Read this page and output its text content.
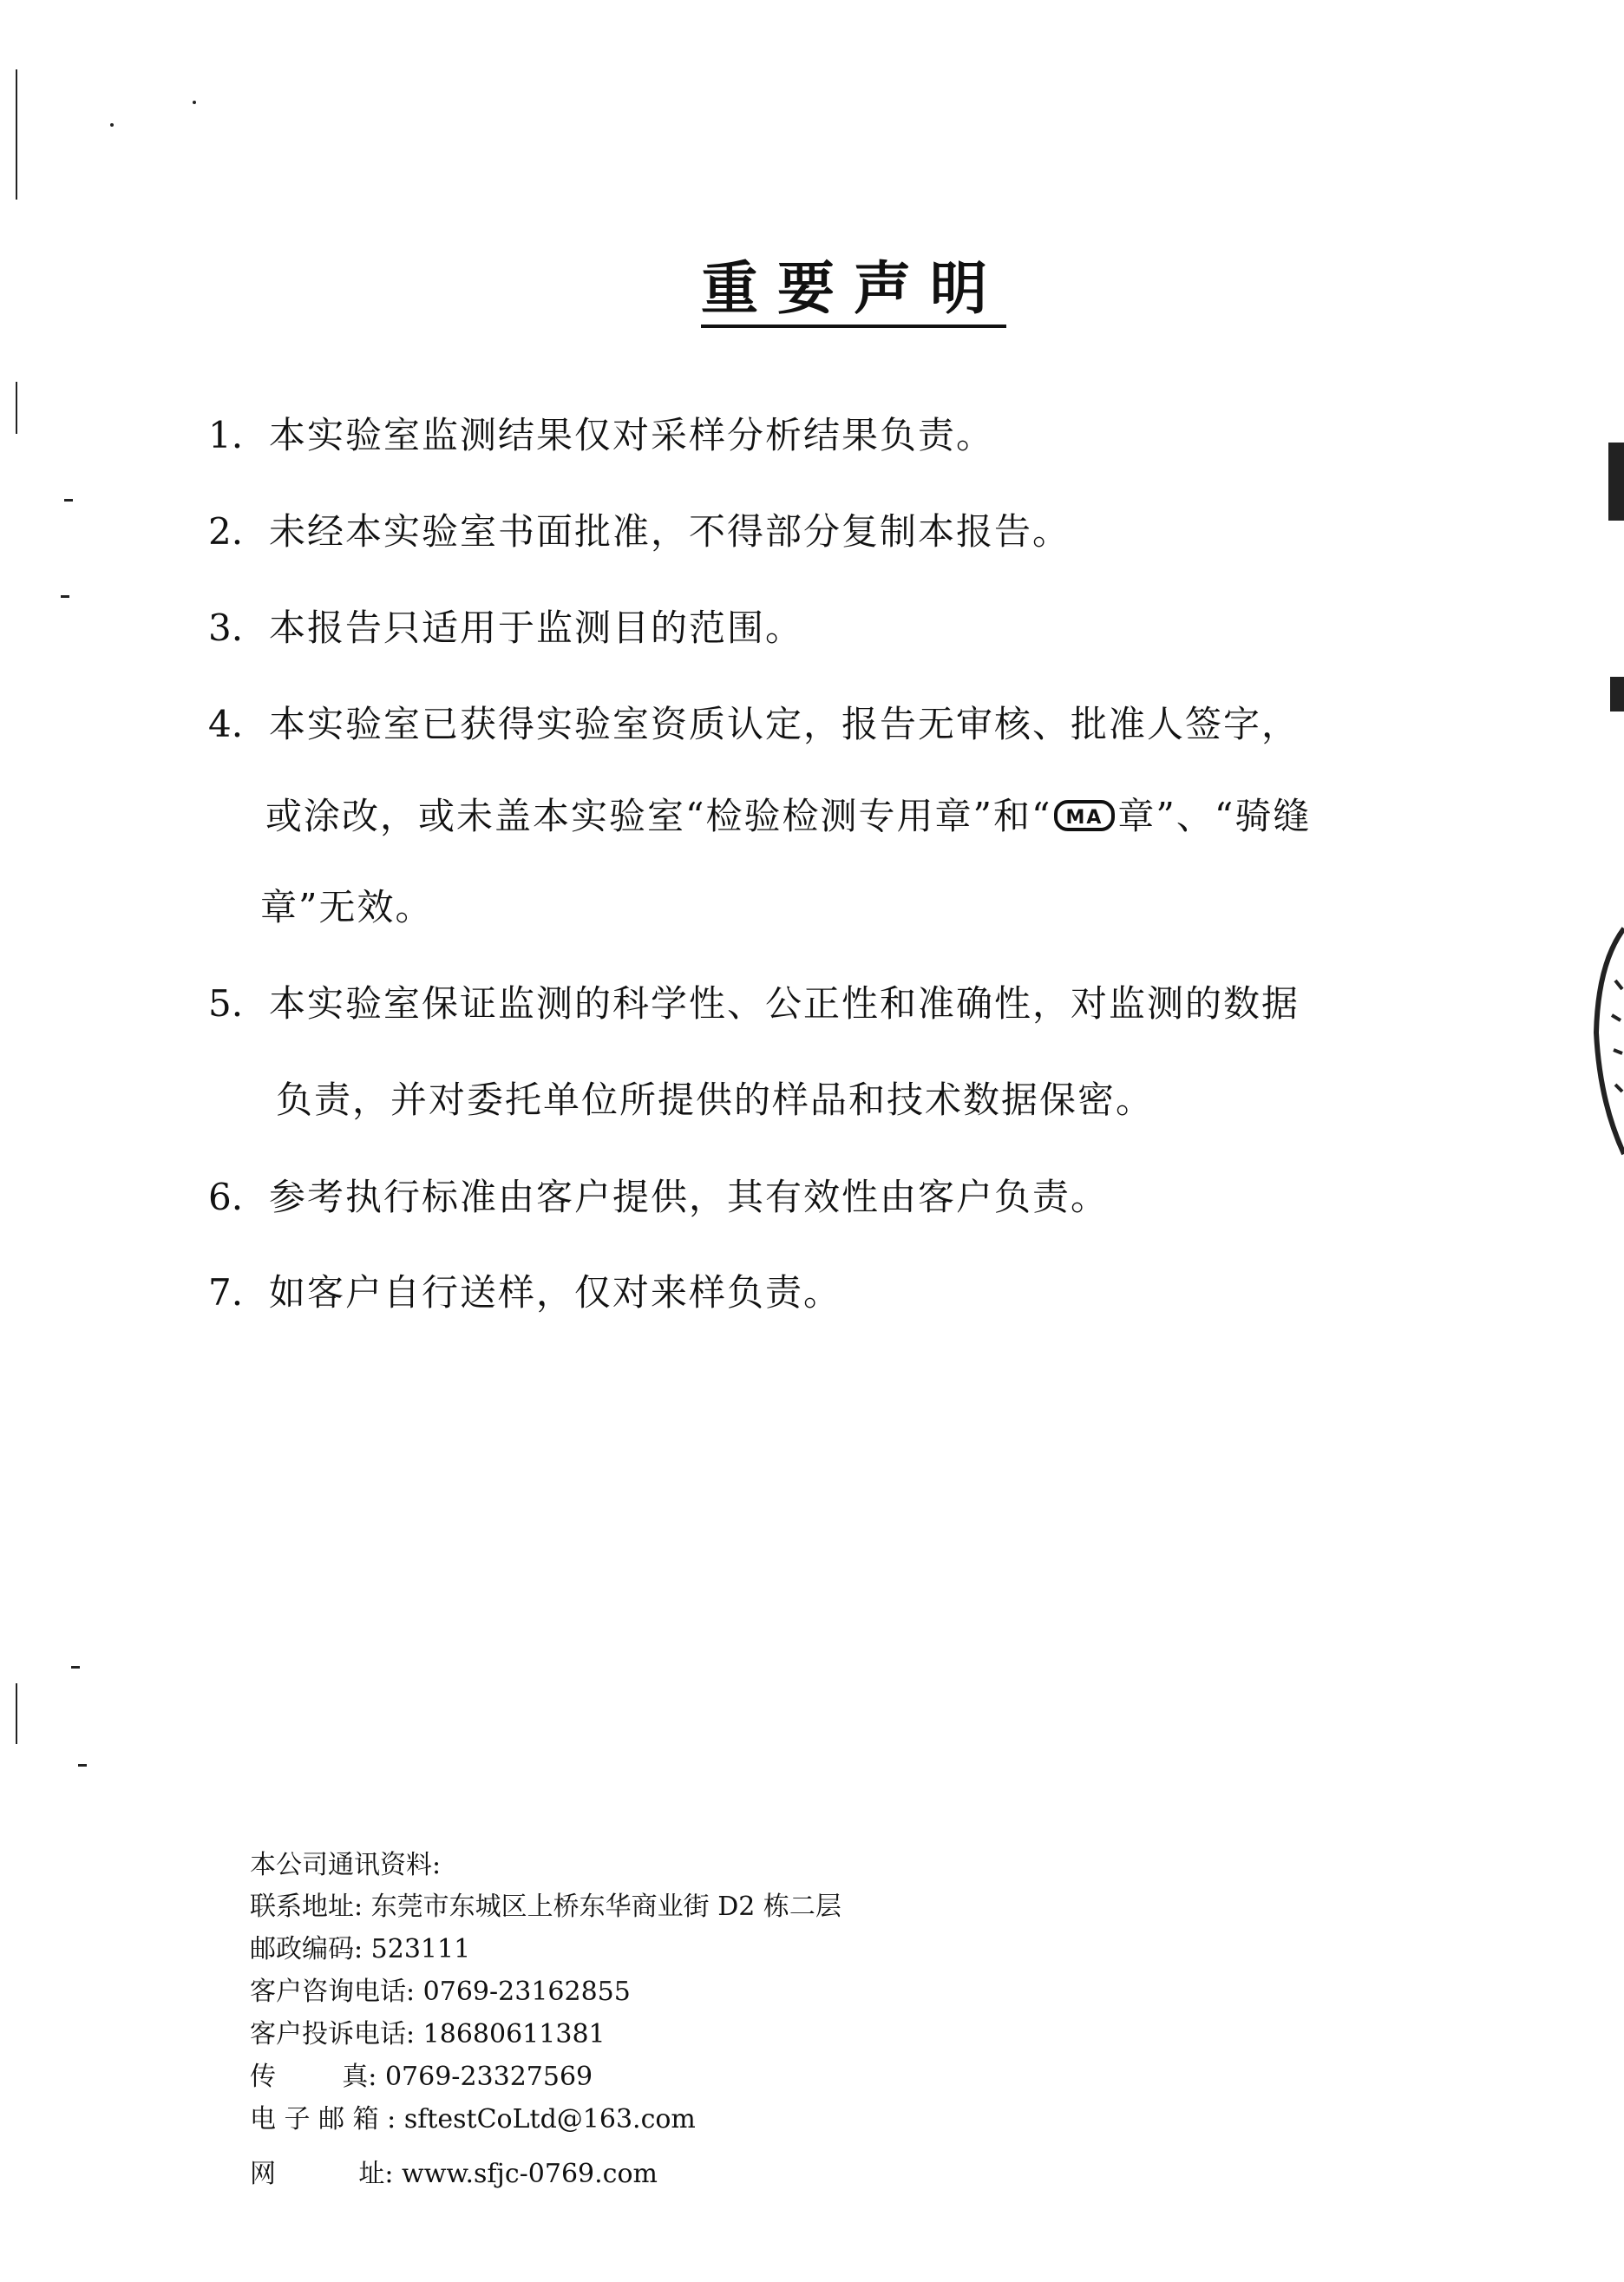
重要声明
1. 本实验室监测结果仅对采样分析结果负责。
2. 未经本实验室书面批准，不得部分复制本报告。
3. 本报告只适用于监测目的范围。
4. 本实验室已获得实验室资质认定，报告无审核、批准人签字，
或涂改，或未盖本实验室“检验检测专用章”和“ MA 章”、“骑缝
章”无效。
5. 本实验室保证监测的科学性、公正性和准确性，对监测的数据
负责，并对委托单位所提供的样品和技术数据保密。
6. 参考执行标准由客户提供，其有效性由客户负责。
7. 如客户自行送样，仅对来样负责。
本公司通讯资料:
联系地址: 东莞市东城区上桥东华商业街 D2 栋二层
邮政编码: 523111
客户咨询电话: 0769-23162855
客户投诉电话: 18680611381
传        真: 0769-23327569
电 子 邮 箱 : sftestCoLtd@163.com
网          址: www.sfjc-0769.com
